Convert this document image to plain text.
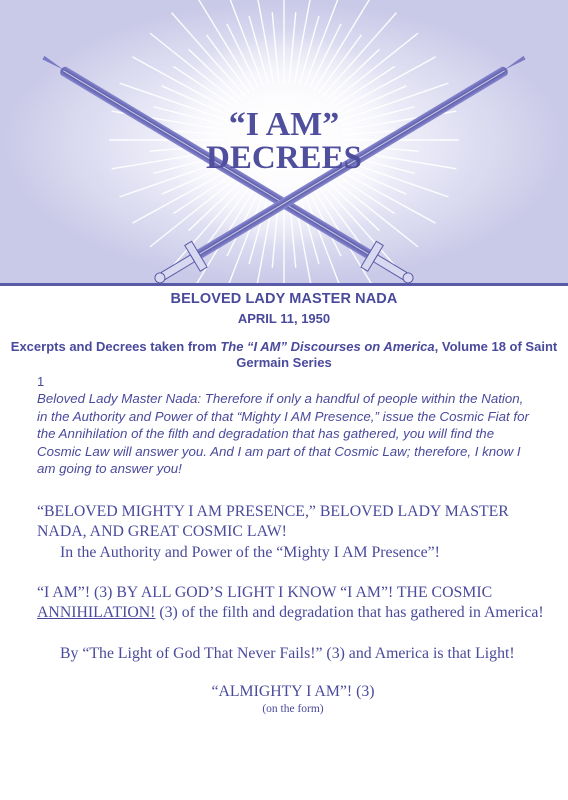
“I AM”
DECREES
BELOVED LADY MASTER NADA
APRIL 11, 1950
Excerpts and Decrees taken from The “I AM” Discourses on America, Volume 18 of Saint Germain Series
1

Beloved Lady Master Nada: Therefore if only a handful of people within the Nation, in the Authority and Power of that “Mighty I AM Presence,” issue the Cosmic Fiat for the Annihilation of the filth and degradation that has gathered, you will find the Cosmic Law will answer you. And I am part of that Cosmic Law; therefore, I know I am going to answer you!

“BELOVED MIGHTY I AM PRESENCE,” BELOVED LADY MASTER NADA, AND GREAT COSMIC LAW!

In the Authority and Power of the “Mighty I AM Presence”!

“I AM”! (3) BY ALL GOD’S LIGHT I KNOW “I AM”! THE COSMIC ANNIHILATION! (3) of the filth and degradation that has gathered in America!

By “The Light of God That Never Fails!” (3) and America is that Light!

“ALMIGHTY I AM”! (3)
(on the form)
